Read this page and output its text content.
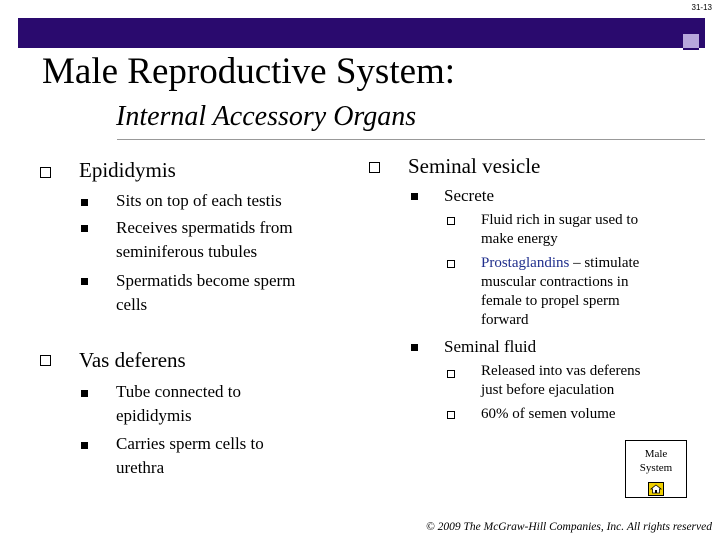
31-13
Male Reproductive System:
Internal Accessory Organs
Epididymis
Sits on top of each testis
Receives spermatids from
seminiferous tubules
Spermatids become sperm
cells
Vas deferens
Tube connected to
epididymis
Carries sperm cells to
urethra
Seminal vesicle
Secrete
Fluid rich in sugar used to
make energy
Prostaglandins – stimulate
muscular contractions in
female to propel sperm
forward
Seminal fluid
Released into vas deferens
just before ejaculation
60% of semen volume
Male
System
© 2009 The McGraw-Hill Companies, Inc. All rights reserved
